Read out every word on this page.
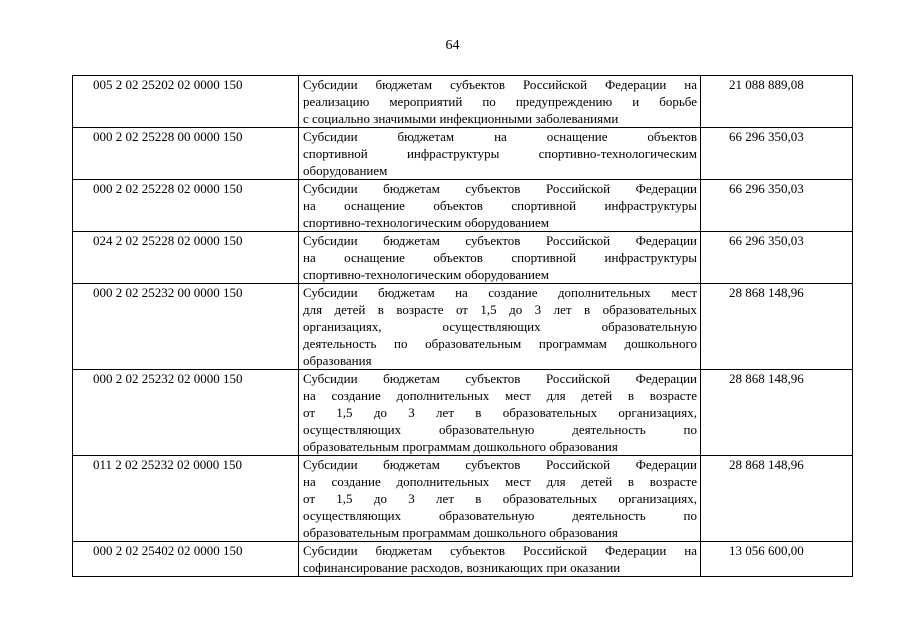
64
005 2 02 25202 02 0000 150	Субсидии бюджетам субъектов Российской Федерации на
реализацию мероприятий по предупреждению и борьбе
с социально значимыми инфекционными заболеваниями	21 088 889,08
000 2 02 25228 00 0000 150	Субсидии бюджетам на оснащение объектов
спортивной инфраструктуры спортивно-технологическим
оборудованием	66 296 350,03
000 2 02 25228 02 0000 150	Субсидии бюджетам субъектов Российской Федерации
на оснащение объектов спортивной инфраструктуры
спортивно-технологическим оборудованием	66 296 350,03
024 2 02 25228 02 0000 150	Субсидии бюджетам субъектов Российской Федерации
на оснащение объектов спортивной инфраструктуры
спортивно-технологическим оборудованием	66 296 350,03
000 2 02 25232 00 0000 150	Субсидии бюджетам на создание дополнительных мест
для детей в возрасте от 1,5 до 3 лет в образовательных
организациях, осуществляющих образовательную
деятельность по образовательным программам дошкольного
образования	28 868 148,96
000 2 02 25232 02 0000 150	Субсидии бюджетам субъектов Российской Федерации
на создание дополнительных мест для детей в возрасте
от 1,5 до 3 лет в образовательных организациях,
осуществляющих образовательную деятельность по
образовательным программам дошкольного образования	28 868 148,96
011 2 02 25232 02 0000 150	Субсидии бюджетам субъектов Российской Федерации
на создание дополнительных мест для детей в возрасте
от 1,5 до 3 лет в образовательных организациях,
осуществляющих образовательную деятельность по
образовательным программам дошкольного образования	28 868 148,96
000 2 02 25402 02 0000 150	Субсидии бюджетам субъектов Российской Федерации на
софинансирование расходов, возникающих при оказании	13 056 600,00
